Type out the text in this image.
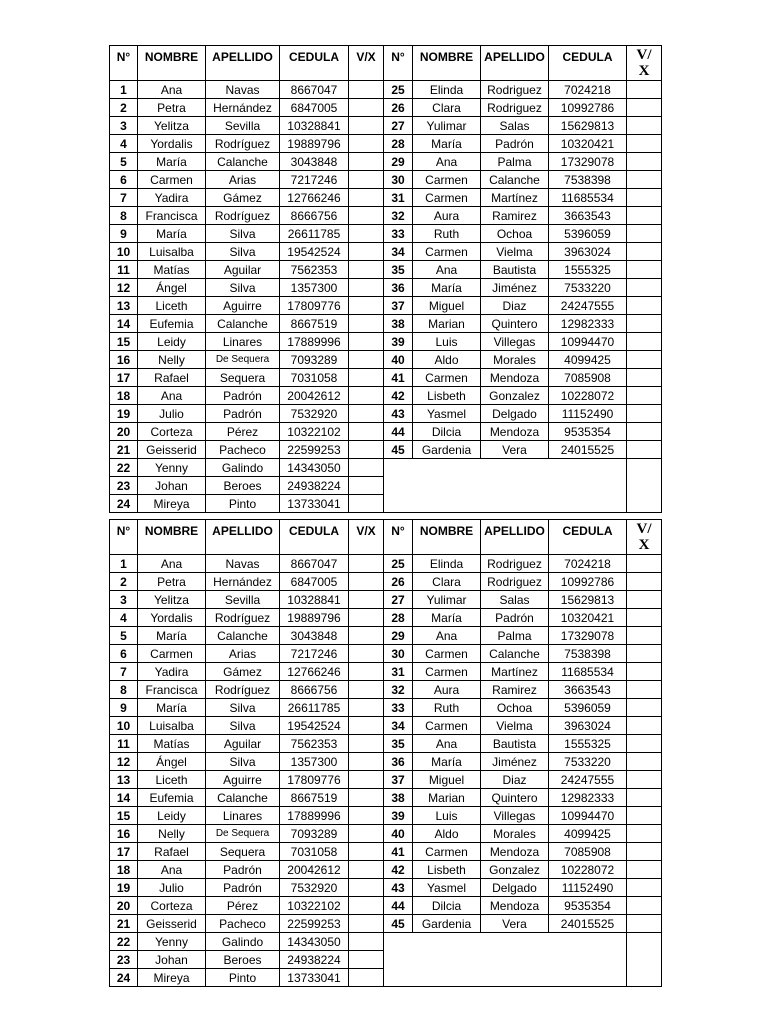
N°	NOMBRE	APELLIDO	CEDULA	V/X	N°	NOMBRE	APELLIDO	CEDULA	V/ X
1	Ana	Navas	8667047		25	Elinda	Rodriguez	7024218	
2	Petra	Hernández	6847005		26	Clara	Rodriguez	10992786	
3	Yelitza	Sevilla	10328841		27	Yulimar	Salas	15629813	
4	Yordalis	Rodríguez	19889796		28	María	Padrón	10320421	
5	María	Calanche	3043848		29	Ana	Palma	17329078	
6	Carmen	Arias	7217246		30	Carmen	Calanche	7538398	
7	Yadira	Gámez	12766246		31	Carmen	Martínez	11685534	
8	Francisca	Rodríguez	8666756		32	Aura	Ramirez	3663543	
9	María	Silva	26611785		33	Ruth	Ochoa	5396059	
10	Luisalba	Silva	19542524		34	Carmen	Vielma	3963024	
11	Matías	Aguilar	7562353		35	Ana	Bautista	1555325	
12	Ángel	Silva	1357300		36	María	Jiménez	7533220	
13	Liceth	Aguirre	17809776		37	Miguel	Diaz	24247555	
14	Eufemia	Calanche	8667519		38	Marian	Quintero	12982333	
15	Leidy	Linares	17889996		39	Luis	Villegas	10994470	
16	Nelly	De Sequera	7093289		40	Aldo	Morales	4099425	
17	Rafael	Sequera	7031058		41	Carmen	Mendoza	7085908	
18	Ana	Padrón	20042612		42	Lisbeth	Gonzalez	10228072	
19	Julio	Padrón	7532920		43	Yasmel	Delgado	11152490	
20	Corteza	Pérez	10322102		44	Dilcia	Mendoza	9535354	
21	Geisserid	Pacheco	22599253		45	Gardenia	Vera	24015525	
22	Yenny	Galindo	14343050						
23	Johan	Beroes	24938224						
24	Mireya	Pinto	13733041						
N°	NOMBRE	APELLIDO	CEDULA	V/X	N°	NOMBRE	APELLIDO	CEDULA	V/ X
1	Ana	Navas	8667047		25	Elinda	Rodriguez	7024218	
2	Petra	Hernández	6847005		26	Clara	Rodriguez	10992786	
3	Yelitza	Sevilla	10328841		27	Yulimar	Salas	15629813	
4	Yordalis	Rodríguez	19889796		28	María	Padrón	10320421	
5	María	Calanche	3043848		29	Ana	Palma	17329078	
6	Carmen	Arias	7217246		30	Carmen	Calanche	7538398	
7	Yadira	Gámez	12766246		31	Carmen	Martínez	11685534	
8	Francisca	Rodríguez	8666756		32	Aura	Ramirez	3663543	
9	María	Silva	26611785		33	Ruth	Ochoa	5396059	
10	Luisalba	Silva	19542524		34	Carmen	Vielma	3963024	
11	Matías	Aguilar	7562353		35	Ana	Bautista	1555325	
12	Ángel	Silva	1357300		36	María	Jiménez	7533220	
13	Liceth	Aguirre	17809776		37	Miguel	Diaz	24247555	
14	Eufemia	Calanche	8667519		38	Marian	Quintero	12982333	
15	Leidy	Linares	17889996		39	Luis	Villegas	10994470	
16	Nelly	De Sequera	7093289		40	Aldo	Morales	4099425	
17	Rafael	Sequera	7031058		41	Carmen	Mendoza	7085908	
18	Ana	Padrón	20042612		42	Lisbeth	Gonzalez	10228072	
19	Julio	Padrón	7532920		43	Yasmel	Delgado	11152490	
20	Corteza	Pérez	10322102		44	Dilcia	Mendoza	9535354	
21	Geisserid	Pacheco	22599253		45	Gardenia	Vera	24015525	
22	Yenny	Galindo	14343050						
23	Johan	Beroes	24938224						
24	Mireya	Pinto	13733041						
